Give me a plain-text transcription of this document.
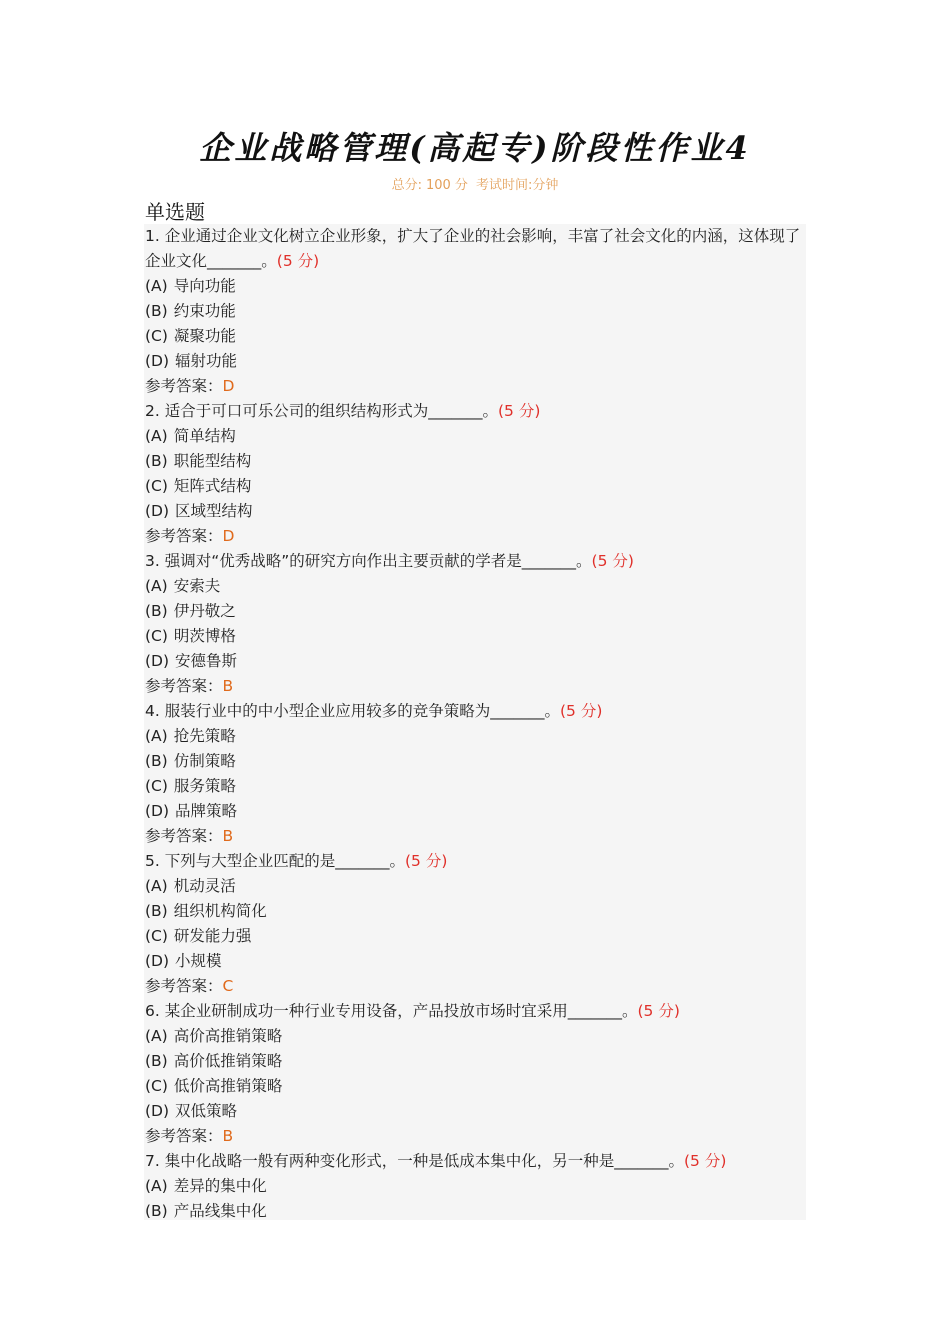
企业战略管理(高起专)阶段性作业4
总分: 100 分 考试时间:分钟
单选题
1. 企业通过企业文化树立企业形象，扩大了企业的社会影响，丰富了社会文化的内涵，这体现了企业文化_______。(5 分)
(A) 导向功能
(B) 约束功能
(C) 凝聚功能
(D) 辐射功能
参考答案：D
2. 适合于可口可乐公司的组织结构形式为_______。(5 分)
(A) 简单结构
(B) 职能型结构
(C) 矩阵式结构
(D) 区域型结构
参考答案：D
3. 强调对“优秀战略”的研究方向作出主要贡献的学者是_______。(5 分)
(A) 安索夫
(B) 伊丹敬之
(C) 明茨博格
(D) 安德鲁斯
参考答案：B
4. 服装行业中的中小型企业应用较多的竞争策略为_______。(5 分)
(A) 抢先策略
(B) 仿制策略
(C) 服务策略
(D) 品牌策略
参考答案：B
5. 下列与大型企业匹配的是_______。(5 分)
(A) 机动灵活
(B) 组织机构简化
(C) 研发能力强
(D) 小规模
参考答案：C
6. 某企业研制成功一种行业专用设备，产品投放市场时宜采用_______。(5 分)
(A) 高价高推销策略
(B) 高价低推销策略
(C) 低价高推销策略
(D) 双低策略
参考答案：B
7. 集中化战略一般有两种变化形式，一种是低成本集中化，另一种是_______。(5 分)
(A) 差异的集中化
(B) 产品线集中化
